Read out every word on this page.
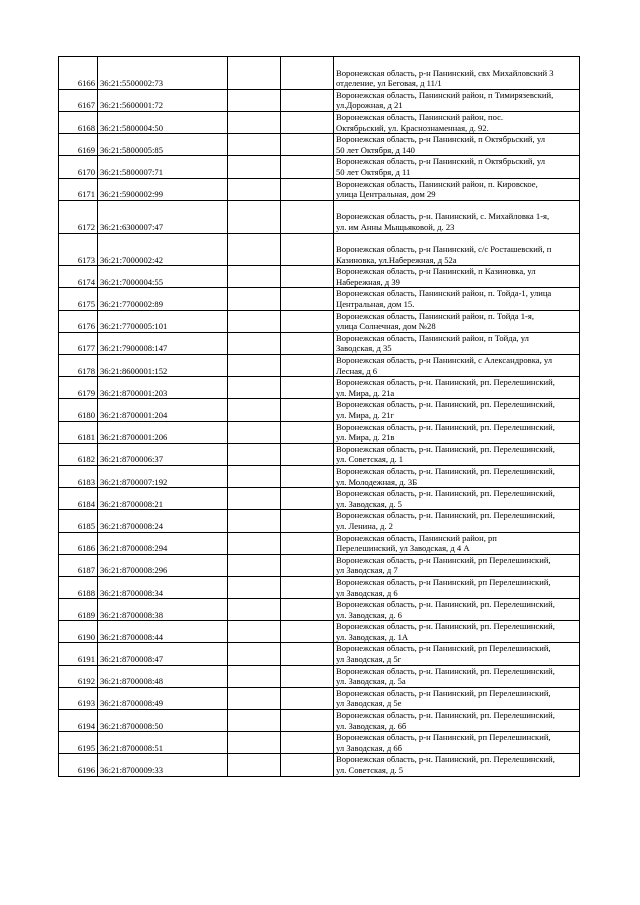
6166	36:21:5500002:73			Воронежская область, р-н Панинский, свх Михайловский 3
отделение, ул Беговая, д 11/1

6167	36:21:5600001:72			Воронежская область, Панинский район, п Тимирязевский,
ул.Дорожная, д 21

6168	36:21:5800004:50			Воронежская область, Панинский район, пос.
Октябрьский, ул. Краснознаменная, д. 92.

6169	36:21:5800005:85			Воронежская область, р-н Панинский, п Октябрьский, ул
50 лет Октября, д 140

6170	36:21:5800007:71			Воронежская область, р-н Панинский, п Октябрьский, ул
50 лет Октября, д 11

6171	36:21:5900002:99			Воронежская область, Панинский район, п. Кировское,
улица Центральная, дом 29

6172	36:21:6300007:47			Воронежская область, р-н. Панинский, с. Михайловка 1-я,
ул. им Анны Мыщьяковой, д. 23

6173	36:21:7000002:42			Воронежская область, р-н Панинский, с/с Росташевский, п
Казиновка, ул.Набережная, д 52а

6174	36:21:7000004:55			Воронежская область, р-н Панинский, п Казиновка, ул
Набережная, д 39

6175	36:21:7700002:89			Воронежская область, Панинский район, п. Тойда-1, улица
Центральная, дом 15.

6176	36:21:7700005:101			Воронежская область, Панинский район, п. Тойда 1-я,
улица Солнечная, дом №28

6177	36:21:7900008:147			Воронежская область, Панинский район, п Тойда, ул
Заводская, д 35

6178	36:21:8600001:152			Воронежская область, р-н Панинский, с Александровка, ул
Лесная, д 6

6179	36:21:8700001:203			Воронежская область, р-н. Панинский, рп. Перелешинский,
ул. Мира, д. 21а

6180	36:21:8700001:204			Воронежская область, р-н. Панинский, рп. Перелешинский,
ул. Мира, д. 21г

6181	36:21:8700001:206			Воронежская область, р-н. Панинский, рп. Перелешинский,
ул. Мира, д. 21в

6182	36:21:8700006:37			Воронежская область, р-н. Панинский, рп. Перелешинский,
ул. Советская, д. 1

6183	36:21:8700007:192			Воронежская область, р-н. Панинский, рп. Перелешинский,
ул. Молодежная, д. 3Б

6184	36:21:8700008:21			Воронежская область, р-н. Панинский, рп. Перелешинский,
ул. Заводская, д. 5

6185	36:21:8700008:24			Воронежская область, р-н. Панинский, рп. Перелешинский,
ул. Ленина, д. 2

6186	36:21:8700008:294			Воронежская область, Панинский район, рп
Перелешинский, ул Заводская, д 4 А

6187	36:21:8700008:296			Воронежская область, р-н Панинский, рп Перелешинский,
ул Заводская, д 7

6188	36:21:8700008:34			Воронежская область, р-н Панинский, рп Перелешинский,
ул Заводская, д 6

6189	36:21:8700008:38			Воронежская область, р-н. Панинский, рп. Перелешинский,
ул. Заводская, д. 6

6190	36:21:8700008:44			Воронежская область, р-н. Панинский, рп. Перелешинский,
ул. Заводская, д. 1А

6191	36:21:8700008:47			Воронежская область, р-н Панинский, рп Перелешинский,
ул Заводская, д 5г

6192	36:21:8700008:48			Воронежская область, р-н. Панинский, рп. Перелешинский,
ул. Заводская, д. 5а

6193	36:21:8700008:49			Воронежская область, р-н Панинский, рп Перелешинский,
ул Заводская, д 5е

6194	36:21:8700008:50			Воронежская область, р-н. Панинский, рп. Перелешинский,
ул. Заводская, д. 6б

6195	36:21:8700008:51			Воронежская область, р-н Панинский, рп Перелешинский,
ул Заводская, д 6б

6196	36:21:8700009:33			Воронежская область, р-н. Панинский, рп. Перелешинский,
ул. Советская, д. 5
